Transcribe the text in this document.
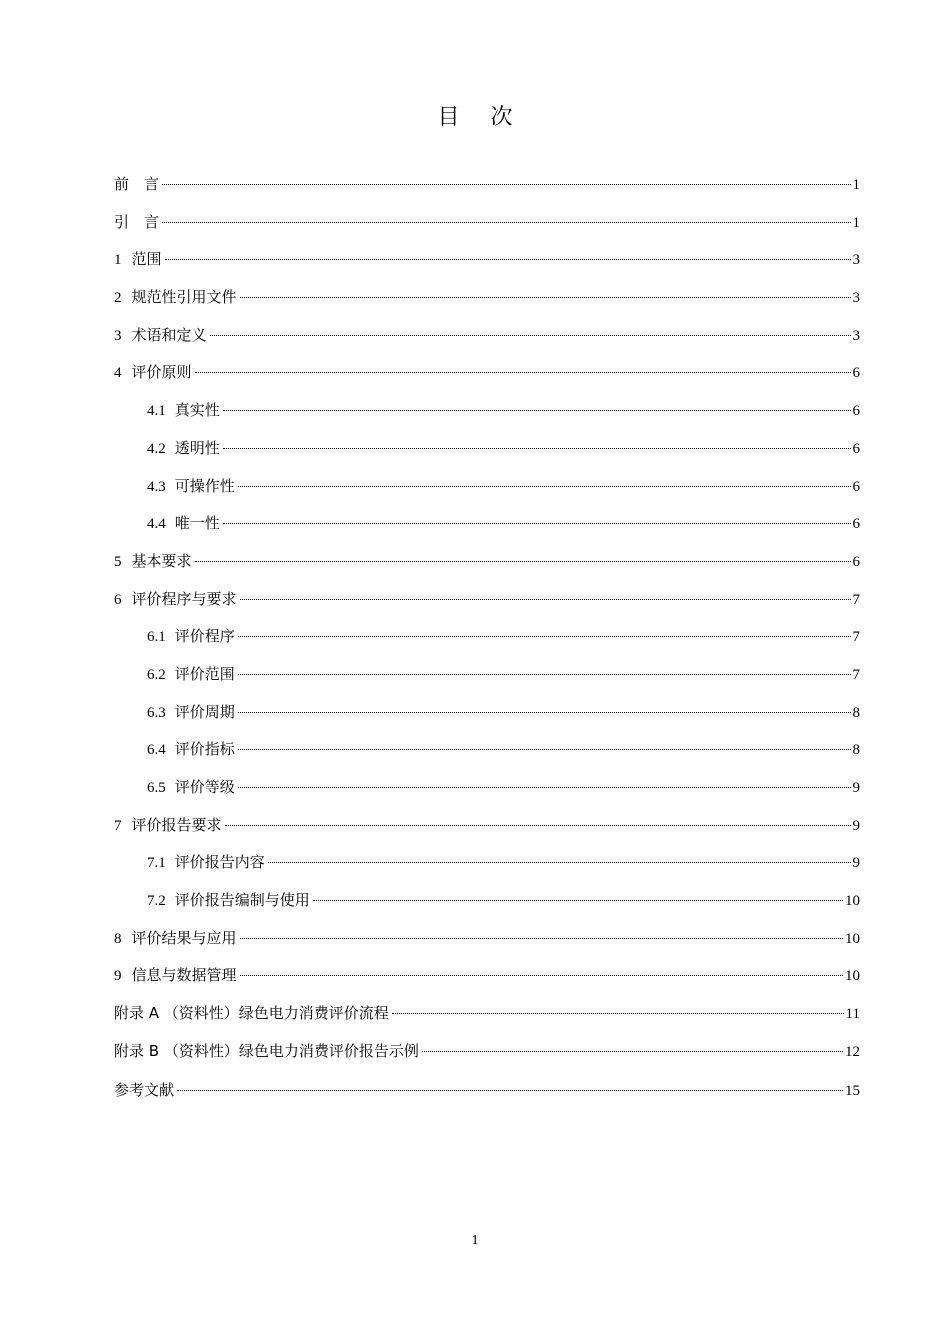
目 次
前　言	1
引　言	1
1 范围	3
2 规范性引用文件	3
3 术语和定义	3
4 评价原则	6
4.1 真实性	6
4.2 透明性	6
4.3 可操作性	6
4.4 唯一性	6
5 基本要求	6
6 评价程序与要求	7
6.1 评价程序	7
6.2 评价范围	7
6.3 评价周期	8
6.4 评价指标	8
6.5 评价等级	9
7 评价报告要求	9
7.1 评价报告内容	9
7.2 评价报告编制与使用	10
8 评价结果与应用	10
9 信息与数据管理	10
附录 A （资料性）绿色电力消费评价流程	11
附录 B （资料性）绿色电力消费评价报告示例	12
参考文献	15
1
